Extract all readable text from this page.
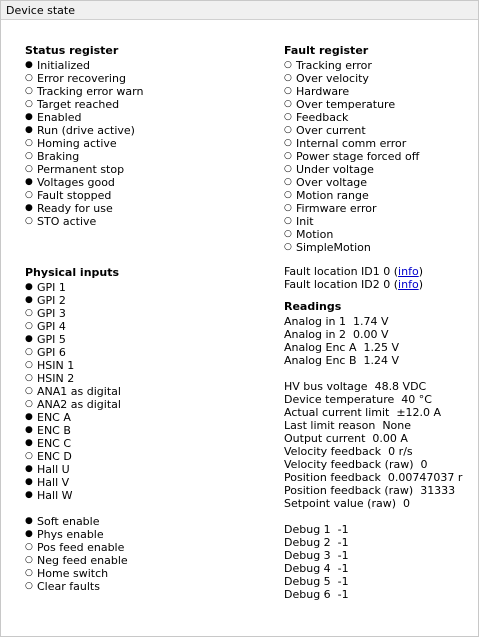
Device state
Status register
● Initialized
○ Error recovering
○ Tracking error warn
○ Target reached
● Enabled
● Run (drive active)
○ Homing active
○ Braking
○ Permanent stop
● Voltages good
○ Fault stopped
● Ready for use
○ STO active
Physical inputs
● GPI 1
● GPI 2
○ GPI 3
○ GPI 4
● GPI 5
○ GPI 6
○ HSIN 1
○ HSIN 2
○ ANA1 as digital
○ ANA2 as digital
● ENC A
● ENC B
● ENC C
○ ENC D
● Hall U
● Hall V
● Hall W
● Soft enable
● Phys enable
○ Pos feed enable
○ Neg feed enable
○ Home switch
○ Clear faults
Fault register
○ Tracking error
○ Over velocity
○ Hardware
○ Over temperature
○ Feedback
○ Over current
○ Internal comm error
○ Power stage forced off
○ Under voltage
○ Over voltage
○ Motion range
○ Firmware error
○ Init
○ Motion
○ SimpleMotion
Fault location ID1 0 (info)
Fault location ID2 0 (info)
Readings
Analog in 1  1.74 V
Analog in 2  0.00 V
Analog Enc A  1.25 V
Analog Enc B  1.24 V
HV bus voltage  48.8 VDC
Device temperature  40 °C
Actual current limit  ±12.0 A
Last limit reason  None
Output current  0.00 A
Velocity feedback  0 r/s
Velocity feedback (raw)  0
Position feedback  0.00747037 r
Position feedback (raw)  31333
Setpoint value (raw)  0
Debug 1  -1
Debug 2  -1
Debug 3  -1
Debug 4  -1
Debug 5  -1
Debug 6  -1
